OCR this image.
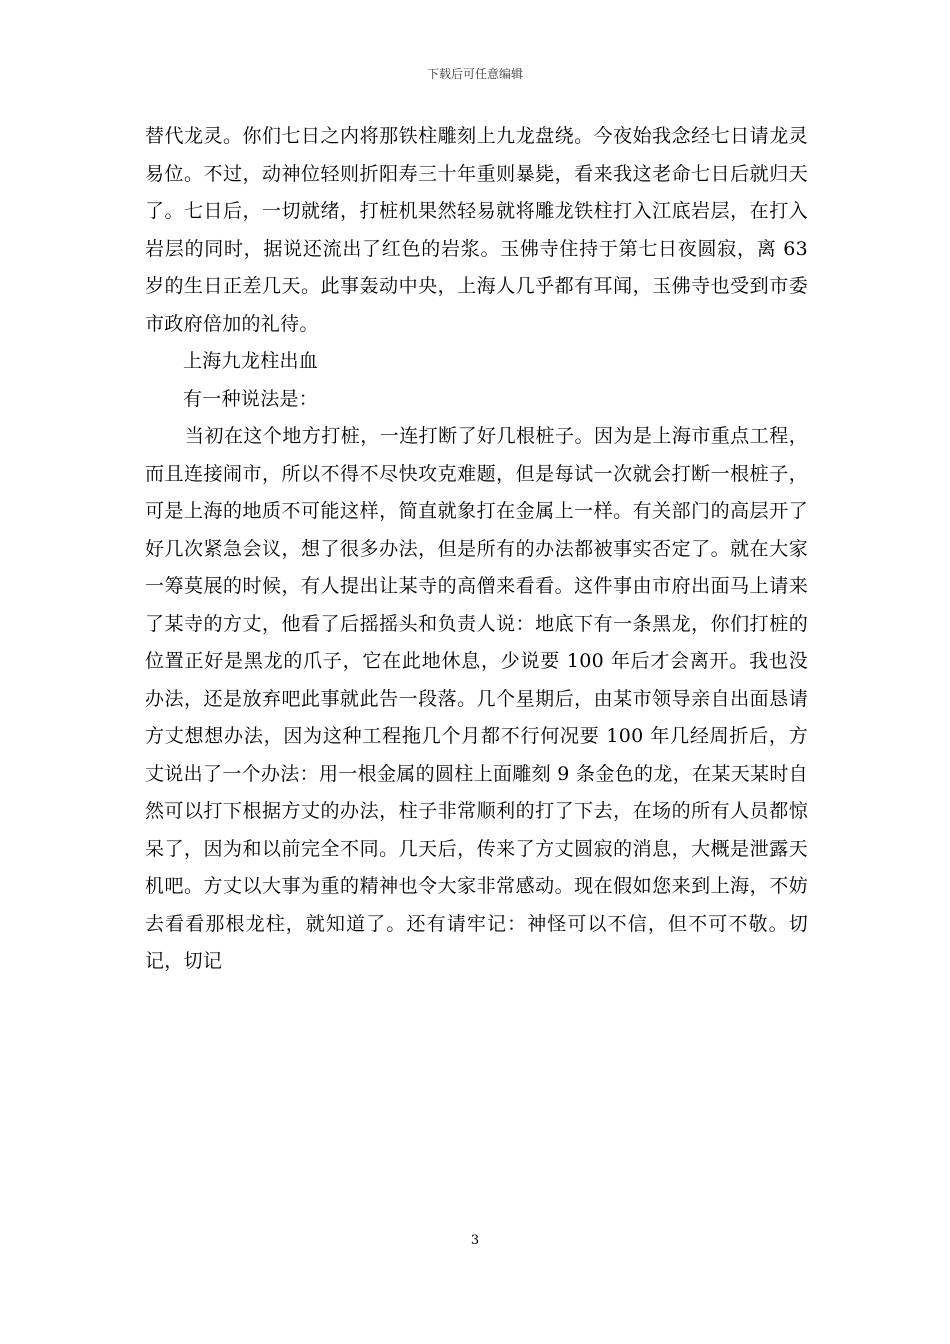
下载后可任意编辑

替代龙灵。你们七日之内将那铁柱雕刻上九龙盘绕。今夜始我念经七日请龙灵易位。不过，动神位轻则折阳寿三十年重则暴毙，看来我这老命七日后就归天了。七日后，一切就绪，打桩机果然轻易就将雕龙铁柱打入江底岩层，在打入岩层的同时，据说还流出了红色的岩浆。玉佛寺住持于第七日夜圆寂，离 63 岁的生日正差几天。此事轰动中央，上海人几乎都有耳闻，玉佛寺也受到市委市政府倍加的礼待。

上海九龙柱出血

有一种说法是：

当初在这个地方打桩，一连打断了好几根桩子。因为是上海市重点工程，而且连接闹市，所以不得不尽快攻克难题，但是每试一次就会打断一根桩子，可是上海的地质不可能这样，简直就象打在金属上一样。有关部门的高层开了好几次紧急会议，想了很多办法，但是所有的办法都被事实否定了。就在大家一筹莫展的时候，有人提出让某寺的高僧来看看。这件事由市府出面马上请来了某寺的方丈，他看了后摇摇头和负责人说：地底下有一条黑龙，你们打桩的位置正好是黑龙的爪子，它在此地休息，少说要 100 年后才会离开。我也没办法，还是放弃吧此事就此告一段落。几个星期后，由某市领导亲自出面恳请方丈想想办法，因为这种工程拖几个月都不行何况要 100 年几经周折后，方丈说出了一个办法：用一根金属的圆柱上面雕刻 9 条金色的龙，在某天某时自然可以打下根据方丈的办法，柱子非常顺利的打了下去，在场的所有人员都惊呆了，因为和以前完全不同。几天后，传来了方丈圆寂的消息，大概是泄露天机吧。方丈以大事为重的精神也令大家非常感动。现在假如您来到上海，不妨去看看那根龙柱，就知道了。还有请牢记：神怪可以不信，但不可不敬。切记，切记

3
